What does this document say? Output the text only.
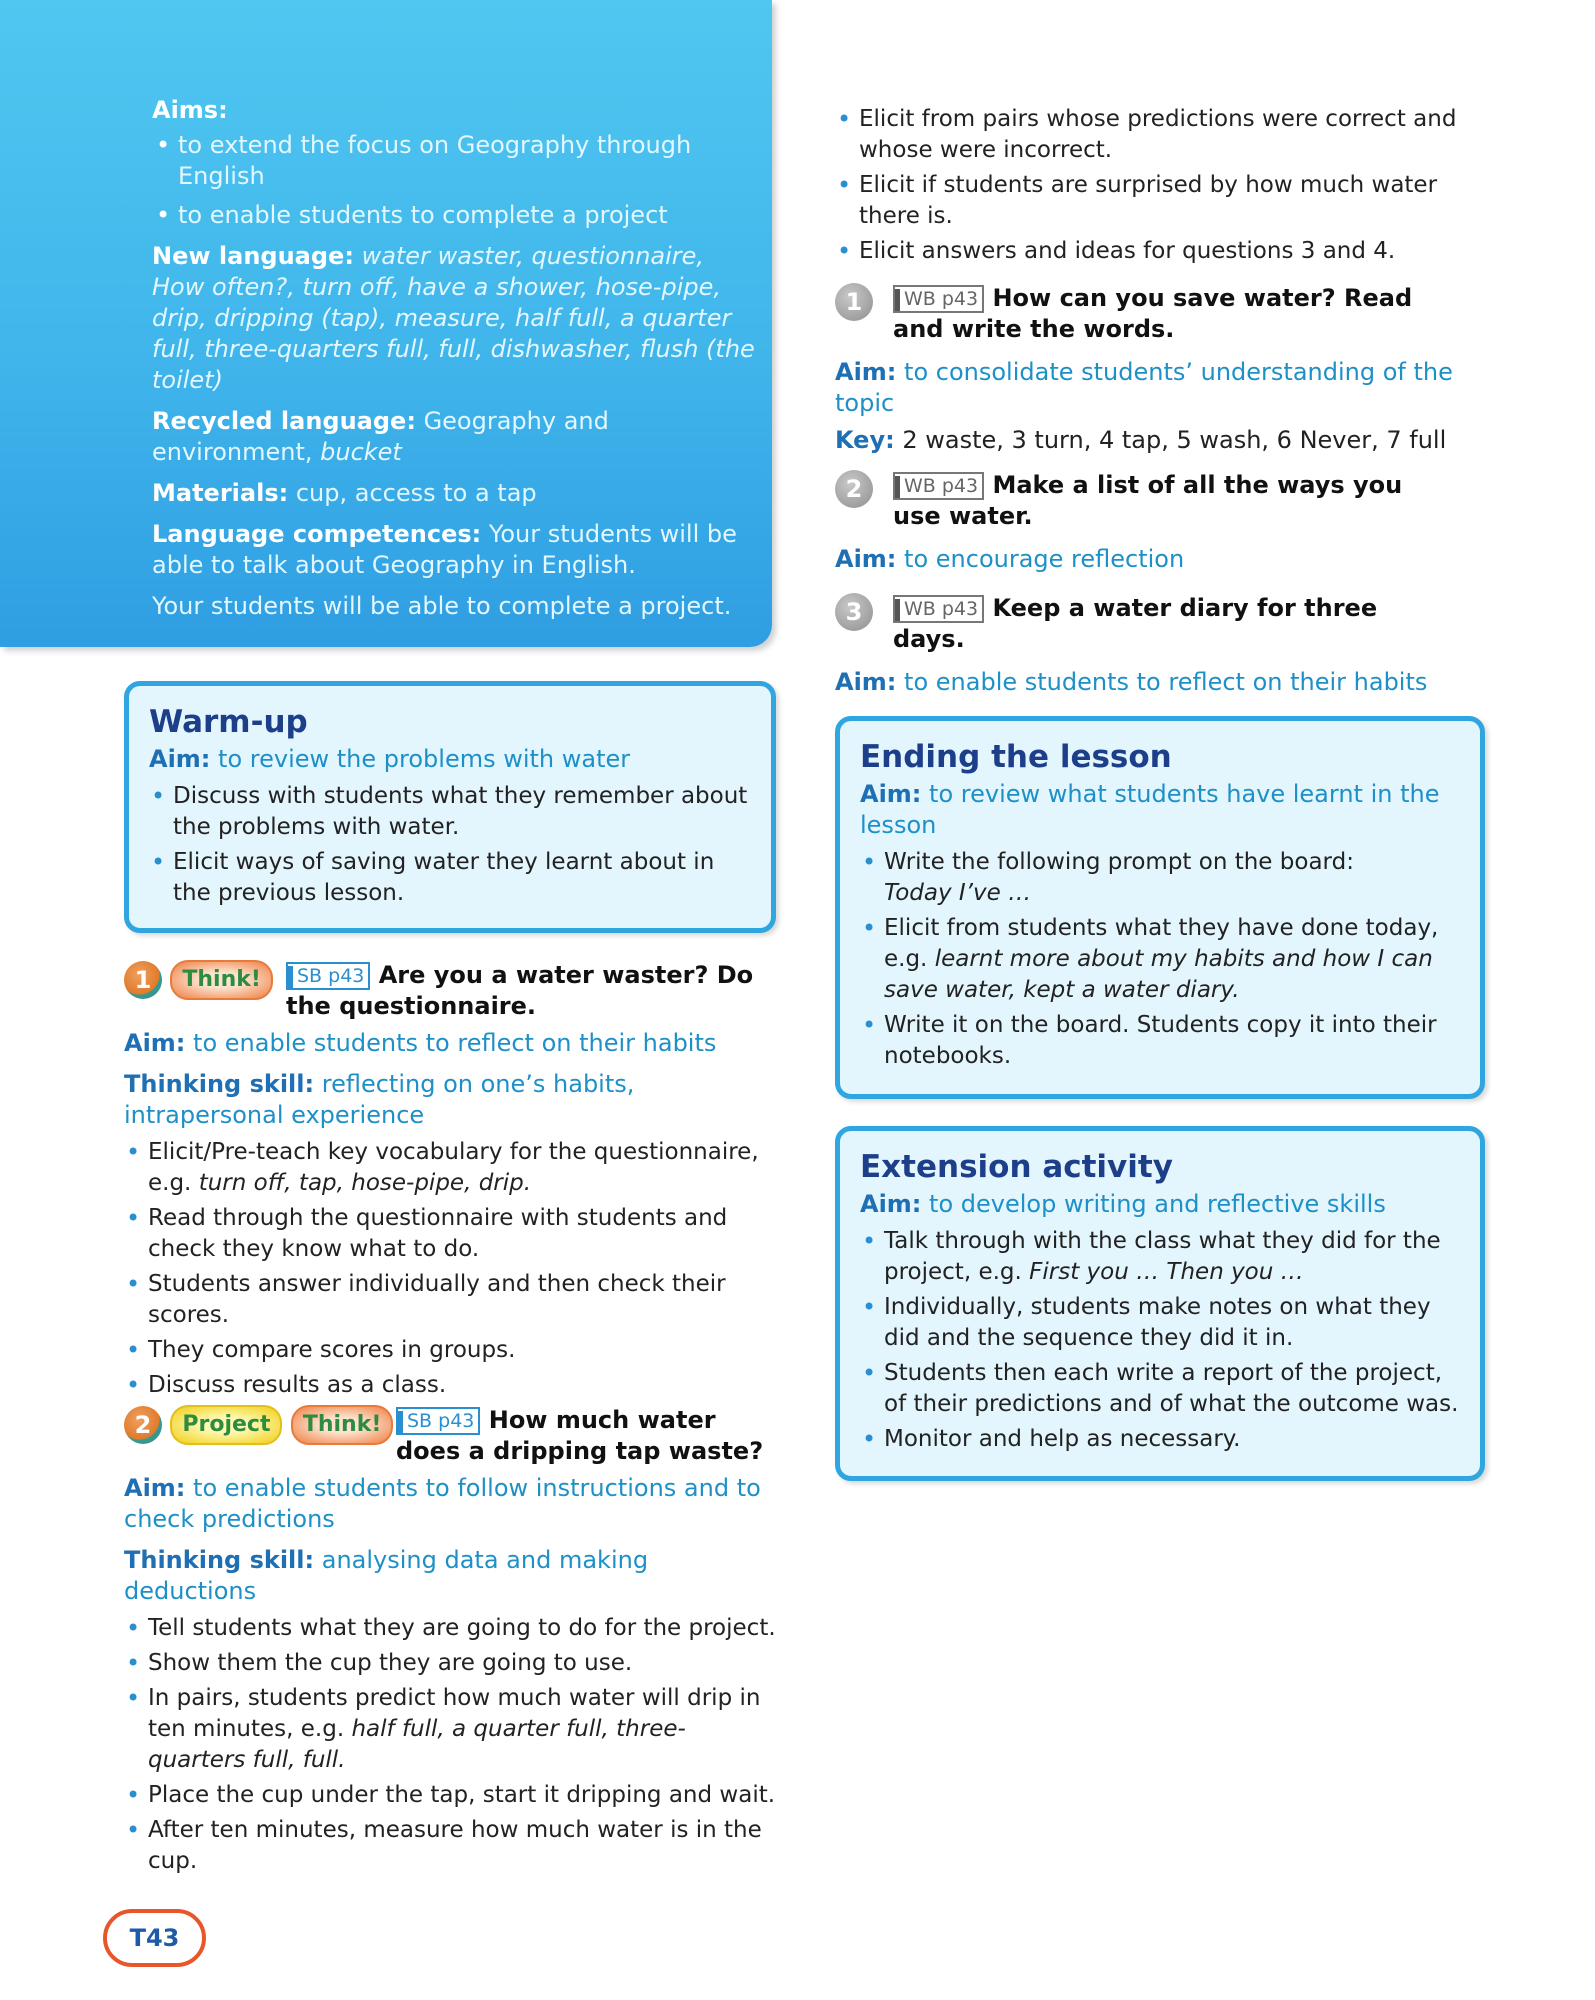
Aims:
• to extend the focus on Geography through English
• to enable students to complete a project

New language: water waster, questionnaire, How often?, turn off, have a shower, hose-pipe, drip, dripping (tap), measure, half full, a quarter full, three-quarters full, full, dishwasher, flush (the toilet)

Recycled language: Geography and environment, bucket

Materials: cup, access to a tap

Language competences: Your students will be able to talk about Geography in English.

Your students will be able to complete a project.

Warm-up
Aim: to review the problems with water
• Discuss with students what they remember about the problems with water.
• Elicit ways of saving water they learnt about in the previous lesson.
1 Think!	SB p43 Are you a water waster? Do the questionnaire.
Aim: to enable students to reflect on their habits
Thinking skill: reflecting on one’s habits, intrapersonal experience
• Elicit/Pre-teach key vocabulary for the questionnaire, e.g. turn off, tap, hose-pipe, drip.
• Read through the questionnaire with students and check they know what to do.
• Students answer individually and then check their scores.
• They compare scores in groups.
• Discuss results as a class.
2 Project Think!	SB p43 How much water does a dripping tap waste?
Aim: to enable students to follow instructions and to check predictions
Thinking skill: analysing data and making deductions
• Tell students what they are going to do for the project.
• Show them the cup they are going to use.
• In pairs, students predict how much water will drip in ten minutes, e.g. half full, a quarter full, three-quarters full, full.
• Place the cup under the tap, start it dripping and wait.
• After ten minutes, measure how much water is in the cup.
• Elicit from pairs whose predictions were correct and whose were incorrect.
• Elicit if students are surprised by how much water there is.
• Elicit answers and ideas for questions 3 and 4.
1	WB p43 How can you save water? Read and write the words.
Aim: to consolidate students’ understanding of the topic
Key: 2 waste, 3 turn, 4 tap, 5 wash, 6 Never, 7 full
2	WB p43 Make a list of all the ways you use water.
Aim: to encourage reflection
3	WB p43 Keep a water diary for three days.
Aim: to enable students to reflect on their habits
Ending the lesson
Aim: to review what students have learnt in the lesson
• Write the following prompt on the board:
Today I’ve …
• Elicit from students what they have done today, e.g. learnt more about my habits and how I can save water, kept a water diary.
• Write it on the board. Students copy it into their notebooks.
Extension activity
Aim: to develop writing and reflective skills
• Talk through with the class what they did for the project, e.g. First you … Then you …
• Individually, students make notes on what they did and the sequence they did it in.
• Students then each write a report of the project, of their predictions and of what the outcome was.
• Monitor and help as necessary.
T43
